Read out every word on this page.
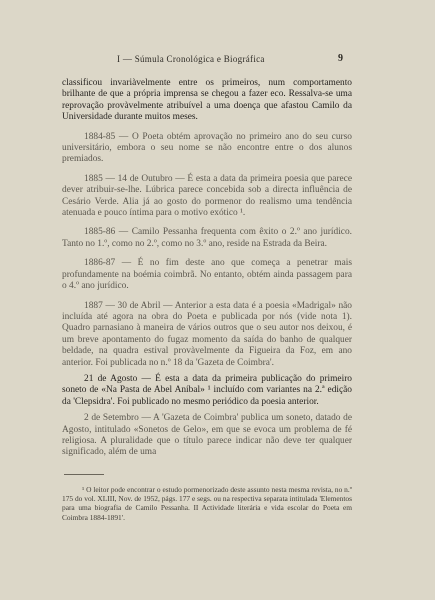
I — Súmula Cronológica e Biográfica	9

classificou invariàvelmente entre os primeiros, num comportamento brilhante de que a própria imprensa se chegou a fazer eco. Ressalva-se uma reprovação provàvelmente atribuível a uma doença que afastou Camilo da Universidade durante muitos meses.

1884-85 — O Poeta obtém aprovação no primeiro ano do seu curso universitário, embora o seu nome se não encontre entre o dos alunos premiados.

1885 — 14 de Outubro — É esta a data da primeira poesia que parece dever atribuir-se-lhe. Lúbrica parece concebida sob a directa influência de Cesário Verde. Alia já ao gosto do pormenor do realismo uma tendência atenuada e pouco íntima para o motivo exótico ¹.

1885-86 — Camilo Pessanha frequenta com êxito o 2.º ano jurídico. Tanto no 1.º, como no 2.º, como no 3.º ano, reside na Estrada da Beira.

1886-87 — É no fim deste ano que começa a penetrar mais profundamente na boémia coimbrã. No entanto, obtém ainda passagem para o 4.º ano jurídico.

1887 — 30 de Abril — Anterior a esta data é a poesia «Madrigal» não incluída até agora na obra do Poeta e publicada por nós (vide nota 1). Quadro parnasiano à maneira de vários outros que o seu autor nos deixou, é um breve apontamento do fugaz momento da saída do banho de qualquer beldade, na quadra estival provàvelmente da Figueira da Foz, em ano anterior. Foi publicada no n.º 18 da 'Gazeta de Coimbra'.

21 de Agosto — É esta a data da primeira publicação do primeiro soneto de «Na Pasta de Abel Aníbal» ¹ incluído com variantes na 2.ª edição da 'Clepsidra'. Foi publicado no mesmo periódico da poesia anterior.

2 de Setembro — A 'Gazeta de Coimbra' publica um soneto, datado de Agosto, intitulado «Sonetos de Gelo», em que se evoca um problema de fé religiosa. A pluralidade que o título parece indicar não deve ter qualquer significado, além de uma

¹ O leitor pode encontrar o estudo pormenorizado deste assunto nesta mesma revista, no n.º 175 do vol. XLIII, Nov. de 1952, págs. 177 e segs. ou na respectiva separata intitulada 'Elementos para uma biografia de Camilo Pessanha. II Actividade literária e vida escolar do Poeta em Coimbra 1884-1891'.
